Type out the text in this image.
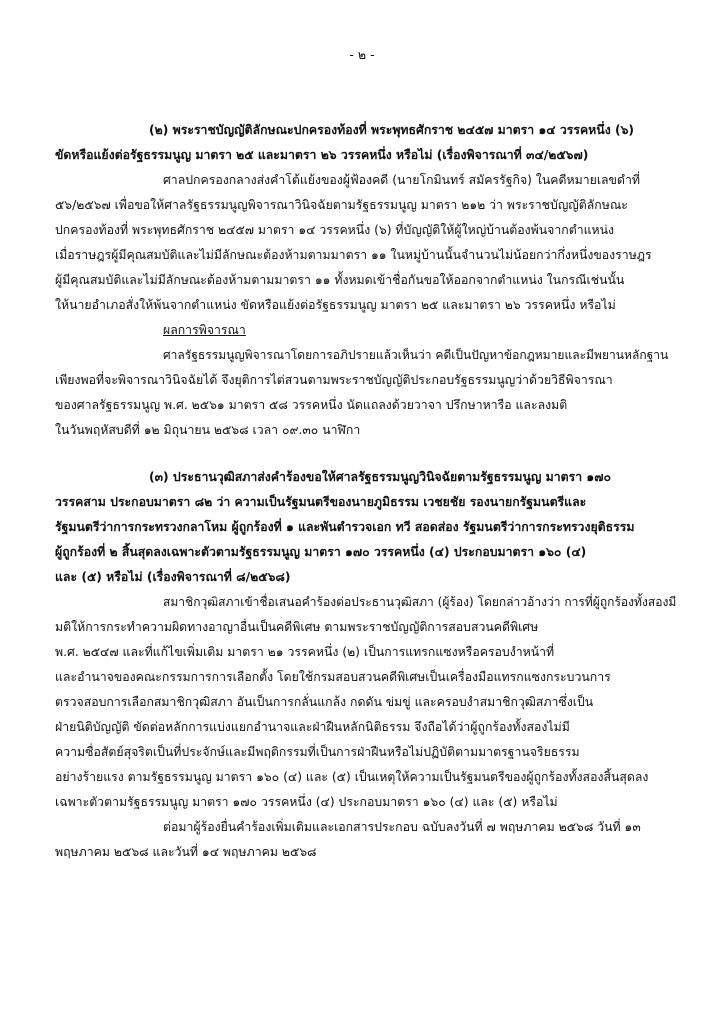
- ๒ -
(๒) พระราชบัญญัติลักษณะปกครองท้องที่ พระพุทธศักราช ๒๔๕๗ มาตรา ๑๔ วรรคหนึ่ง (๖)
ขัดหรือแย้งต่อรัฐธรรมนูญ มาตรา ๒๕ และมาตรา ๒๖ วรรคหนึ่ง หรือไม่ (เรื่องพิจารณาที่ ๓๔/๒๕๖๗)
ศาลปกครองกลางส่งคำโต้แย้งของผู้ฟ้องคดี (นายโกมินทร์ สมัครรัฐกิจ) ในคดีหมายเลขดำที่
๕๖/๒๕๖๗ เพื่อขอให้ศาลรัฐธรรมนูญพิจารณาวินิจฉัยตามรัฐธรรมนูญ มาตรา ๒๑๒ ว่า พระราชบัญญัติลักษณะ
ปกครองท้องที่ พระพุทธศักราช ๒๔๕๗ มาตรา ๑๔ วรรคหนึ่ง (๖) ที่บัญญัติให้ผู้ใหญ่บ้านต้องพ้นจากตำแหน่ง
เมื่อราษฎรผู้มีคุณสมบัติและไม่มีลักษณะต้องห้ามตามมาตรา ๑๑ ในหมู่บ้านนั้นจำนวนไม่น้อยกว่ากึ่งหนึ่งของราษฎร
ผู้มีคุณสมบัติและไม่มีลักษณะต้องห้ามตามมาตรา ๑๑ ทั้งหมดเข้าชื่อกันขอให้ออกจากตำแหน่ง ในกรณีเช่นนั้น
ให้นายอำเภอสั่งให้พ้นจากตำแหน่ง ขัดหรือแย้งต่อรัฐธรรมนูญ มาตรา ๒๕ และมาตรา ๒๖ วรรคหนึ่ง หรือไม่
ผลการพิจารณา
ศาลรัฐธรรมนูญพิจารณาโดยการอภิปรายแล้วเห็นว่า คดีเป็นปัญหาข้อกฎหมายและมีพยานหลักฐาน
เพียงพอที่จะพิจารณาวินิจฉัยได้ จึงยุติการไต่สวนตามพระราชบัญญัติประกอบรัฐธรรมนูญว่าด้วยวิธีพิจารณา
ของศาลรัฐธรรมนูญ พ.ศ. ๒๕๖๑ มาตรา ๕๘ วรรคหนึ่ง นัดแถลงด้วยวาจา ปรึกษาหารือ และลงมติ
ในวันพฤหัสบดีที่ ๑๒ มิถุนายน ๒๕๖๘ เวลา ๐๙.๓๐ นาฬิกา
(๓) ประธานวุฒิสภาส่งคำร้องขอให้ศาลรัฐธรรมนูญวินิจฉัยตามรัฐธรรมนูญ มาตรา ๑๗๐
วรรคสาม ประกอบมาตรา ๘๒ ว่า ความเป็นรัฐมนตรีของนายภูมิธรรม เวชยชัย รองนายกรัฐมนตรีและ
รัฐมนตรีว่าการกระทรวงกลาโหม ผู้ถูกร้องที่ ๑ และพันตำรวจเอก ทวี สอดส่อง รัฐมนตรีว่าการกระทรวงยุติธรรม
ผู้ถูกร้องที่ ๒ สิ้นสุดลงเฉพาะตัวตามรัฐธรรมนูญ มาตรา ๑๗๐ วรรคหนึ่ง (๔) ประกอบมาตรา ๑๖๐ (๔)
และ (๕) หรือไม่ (เรื่องพิจารณาที่ ๘/๒๕๖๘)
สมาชิกวุฒิสภาเข้าชื่อเสนอคำร้องต่อประธานวุฒิสภา (ผู้ร้อง) โดยกล่าวอ้างว่า การที่ผู้ถูกร้องทั้งสองมี
มติให้การกระทำความผิดทางอาญาอื่นเป็นคดีพิเศษ ตามพระราชบัญญัติการสอบสวนคดีพิเศษ
พ.ศ. ๒๕๔๗ และที่แก้ไขเพิ่มเติม มาตรา ๒๑ วรรคหนึ่ง (๒) เป็นการแทรกแซงหรือครอบงำหน้าที่
และอำนาจของคณะกรรมการการเลือกตั้ง โดยใช้กรมสอบสวนคดีพิเศษเป็นเครื่องมือแทรกแซงกระบวนการ
ตรวจสอบการเลือกสมาชิกวุฒิสภา อันเป็นการกลั่นแกล้ง กดดัน ข่มขู่ และครอบงำสมาชิกวุฒิสภาซึ่งเป็น
ฝ่ายนิติบัญญัติ ขัดต่อหลักการแบ่งแยกอำนาจและฝ่าฝืนหลักนิติธรรม จึงถือได้ว่าผู้ถูกร้องทั้งสองไม่มี
ความซื่อสัตย์สุจริตเป็นที่ประจักษ์และมีพฤติกรรมที่เป็นการฝ่าฝืนหรือไม่ปฏิบัติตามมาตรฐานจริยธรรม
อย่างร้ายแรง ตามรัฐธรรมนูญ มาตรา ๑๖๐ (๔) และ (๕) เป็นเหตุให้ความเป็นรัฐมนตรีของผู้ถูกร้องทั้งสองสิ้นสุดลง
เฉพาะตัวตามรัฐธรรมนูญ มาตรา ๑๗๐ วรรคหนึ่ง (๔) ประกอบมาตรา ๑๖๐ (๔) และ (๕) หรือไม่
ต่อมาผู้ร้องยื่นคำร้องเพิ่มเติมและเอกสารประกอบ ฉบับลงวันที่ ๗ พฤษภาคม ๒๕๖๘ วันที่ ๑๓
พฤษภาคม ๒๕๖๘ และวันที่ ๑๔ พฤษภาคม ๒๕๖๘
